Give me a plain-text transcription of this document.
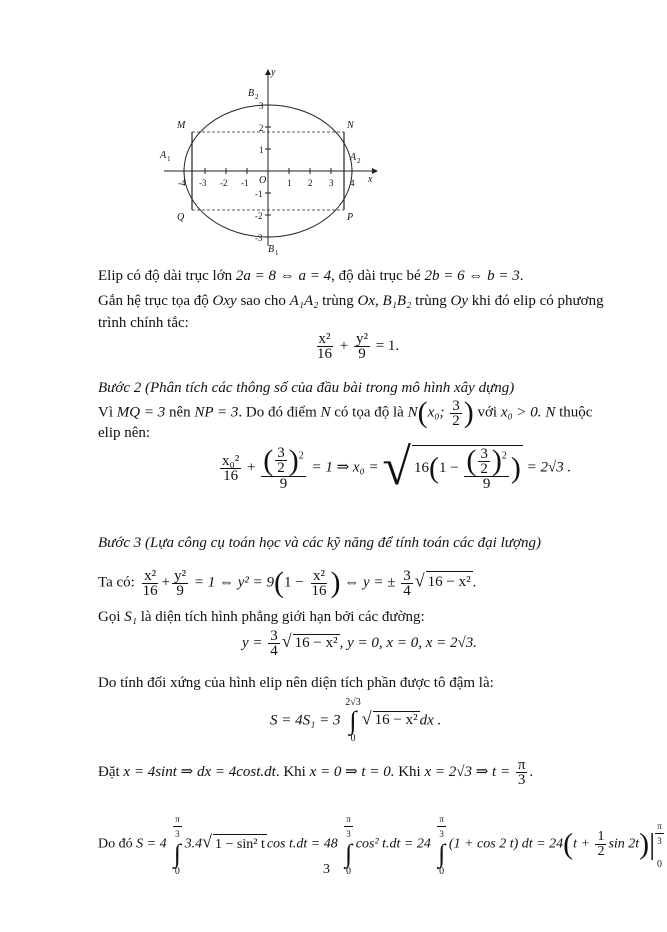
y
x
O
B 2
B 1
A 1	A 2
M	N
Q	P
-4 -3 -2 -1	1 2 3 4
3
2
1
-1
-2
-3
Elip có độ dài trục lớn 2a = 8 ⇔ a = 4, độ dài trục bé 2b = 6 ⇔ b = 3.
Gắn hệ trục tọa độ Oxy sao cho A₁A₂ trùng Ox, B₁B₂ trùng Oy khi đó elip có phương
trình chính tắc:
$\frac{\text{x²}}{16} + \frac{\text{y²}}{9} = 1$.
Bước 2 (Phân tích các thông số của đầu bài trong mô hình xây dựng)
Vì MQ = 3 nên NP = 3. Do đó điểm N có tọa độ là N(x₀; $\frac{3}{2}$ ) với x₀ > 0. N thuộc
elip nên:
$\frac{\text{x₀²}}{16} + \frac{( \frac{3}{2} )^2}{9} = 1$ ⇒ x₀ = √ $16(1 - \frac{( \frac{3}{2} )^2}{9}$ ) = 2√3 .
Bước 3 (Lựa công cụ toán học và các kỹ năng để tính toán các đại lượng)
Ta có: $\frac{\text{x²}}{16} + \frac{\text{y²}}{9} = 1$ ⇔ $y^2 = 9(1 - \frac{\text{x²}}{16}$ ) ⇔ y = ± $\frac{3}{4}$ √ 16 − x² .
Gọi S₁ là diện tích hình phẳng giới hạn bởi các đường:
$y = \frac{3}{4}$ √ 16 − x² , y = 0, x = 0, x = 2√3.
Do tính đối xứng của hình elip nên diện tích phần được tô đậm là:
S = 4S₁ = 3
2√3
∫
0
√ 16 − x² dx .
Đặt x = 4sint ⇒ dx = 4cost.dt. Khi x = 0 ⇒ t = 0. Khi x = 2√3 ⇒ $t = \frac{\pi}{3}$ .
Do đó S = 4
$\frac{\pi}{3}$
∫
0
3.4√ 1 − sin² t cos t.dt = 48
$\frac{\pi}{3}$
∫
0
cos² t.dt = 24
$\frac{\pi}{3}$
∫
0
(1 + cos 2 t) dt = $24(t + \frac{1}{2}$ $\sin 2t)| \frac{\pi}{3}$
0
3
